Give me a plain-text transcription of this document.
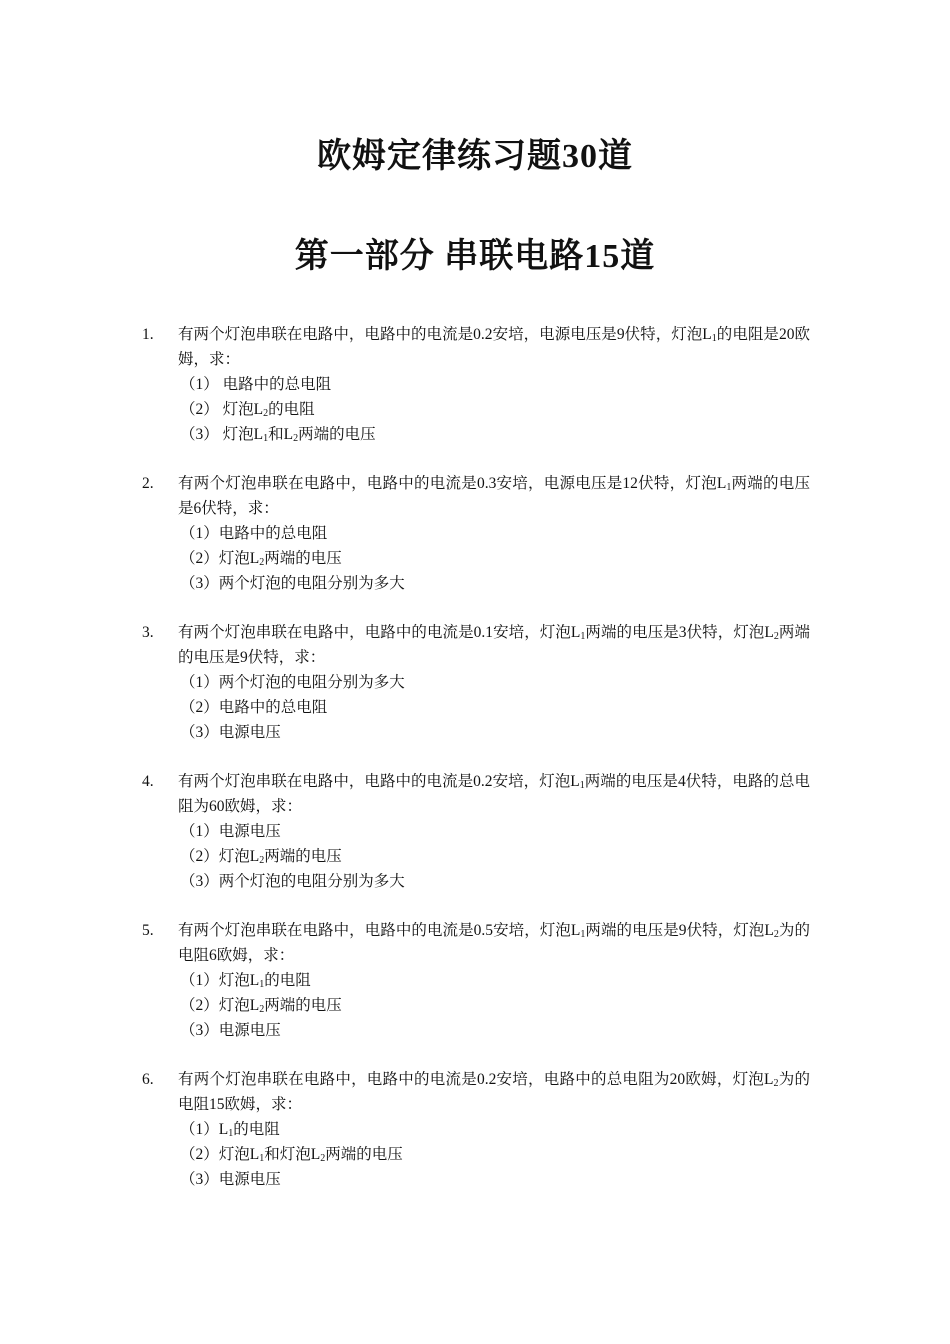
欧姆定律练习题30道
第一部分 串联电路15道
1.	有两个灯泡串联在电路中，电路中的电流是0.2安培，电源电压是9伏特，灯泡$L_1$的电阻是20欧姆，求：
（1） 电路中的总电阻
（2） 灯泡$L_2$的电阻
（3） 灯泡$L_1$和$L_2$两端的电压
2.	有两个灯泡串联在电路中，电路中的电流是0.3安培，电源电压是12伏特，灯泡$L_1$两端的电压是6伏特，求：
（1）电路中的总电阻
（2）灯泡$L_2$两端的电压
（3）两个灯泡的电阻分别为多大
3.	有两个灯泡串联在电路中，电路中的电流是0.1安培，灯泡$L_1$两端的电压是3伏特，灯泡$L_2$两端的电压是9伏特，求：
（1）两个灯泡的电阻分别为多大
（2）电路中的总电阻
（3）电源电压
4.	有两个灯泡串联在电路中，电路中的电流是0.2安培，灯泡$L_1$两端的电压是4伏特，电路的总电阻为60欧姆，求：
（1）电源电压
（2）灯泡$L_2$两端的电压
（3）两个灯泡的电阻分别为多大
5.	有两个灯泡串联在电路中，电路中的电流是0.5安培，灯泡$L_1$两端的电压是9伏特，灯泡$L_2$为的电阻6欧姆，求：
（1）灯泡$L_1$的电阻
（2）灯泡$L_2$两端的电压
（3）电源电压
6.	有两个灯泡串联在电路中，电路中的电流是0.2安培，电路中的总电阻为20欧姆，灯泡$L_2$为的电阻15欧姆，求：
$(1)L_1$的电阻
（2）灯泡$L_1$和灯泡$L_2$两端的电压
（3）电源电压
